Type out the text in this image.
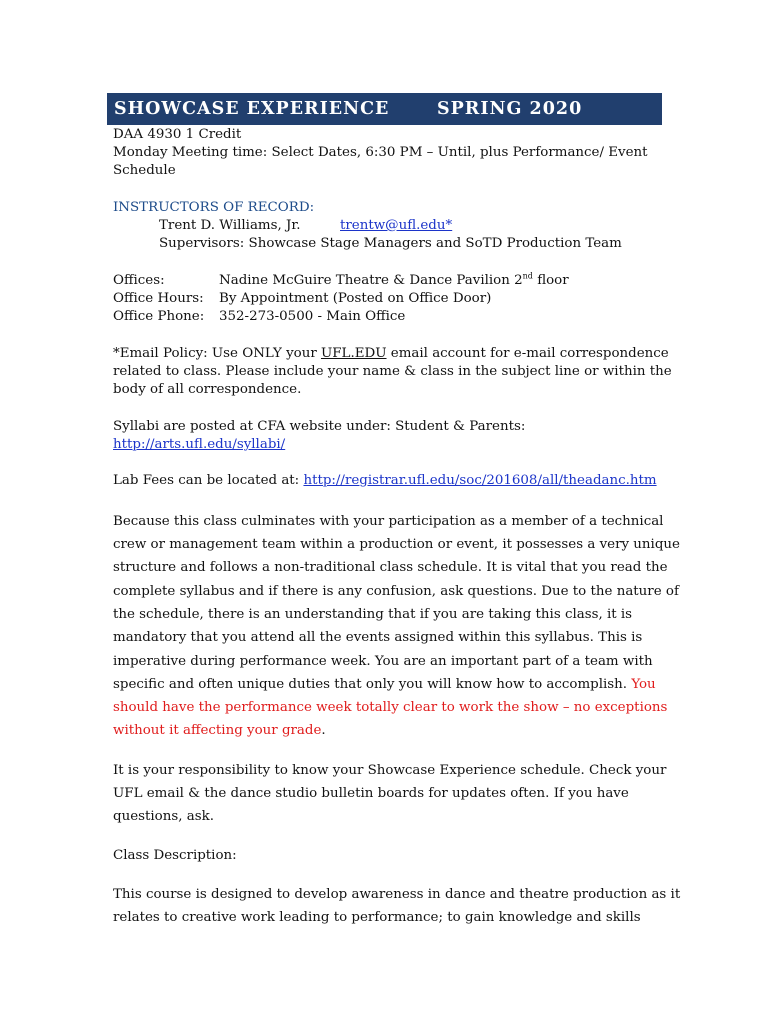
SHOWCASE EXPERIENCE	SPRING 2020

DAA 4930 1 Credit

Monday Meeting time: Select Dates, 6:30 PM – Until, plus Performance/ Event

Schedule

INSTRUCTORS OF RECORD:

Trent D. Williams, Jr.	trentw@ufl.edu*

Supervisors: Showcase Stage Managers and SoTD Production Team

Offices:	Nadine McGuire Theatre & Dance Pavilion 2nd floor

Office Hours: By Appointment (Posted on Office Door)

Office Phone: 352-273-0500 - Main Office

*Email Policy: Use ONLY your UFL.EDU email account for e-mail correspondence

related to class. Please include your name & class in the subject line or within the

body of all correspondence.

Syllabi are posted at CFA website under: Student & Parents:

http://arts.ufl.edu/syllabi/

Lab Fees can be located at: http://registrar.ufl.edu/soc/201608/all/theadanc.htm

Because this class culminates with your participation as a member of a technical

crew or management team within a production or event, it possesses a very unique

structure and follows a non-traditional class schedule. It is vital that you read the

complete syllabus and if there is any confusion, ask questions. Due to the nature of

the schedule, there is an understanding that if you are taking this class, it is

mandatory that you attend all the events assigned within this syllabus. This is

imperative during performance week. You are an important part of a team with

specific and often unique duties that only you will know how to accomplish. You

should have the performance week totally clear to work the show – no exceptions

without it affecting your grade.

It is your responsibility to know your Showcase Experience schedule. Check your

UFL email & the dance studio bulletin boards for updates often. If you have

questions, ask.

Class Description:

This course is designed to develop awareness in dance and theatre production as it

relates to creative work leading to performance; to gain knowledge and skills
